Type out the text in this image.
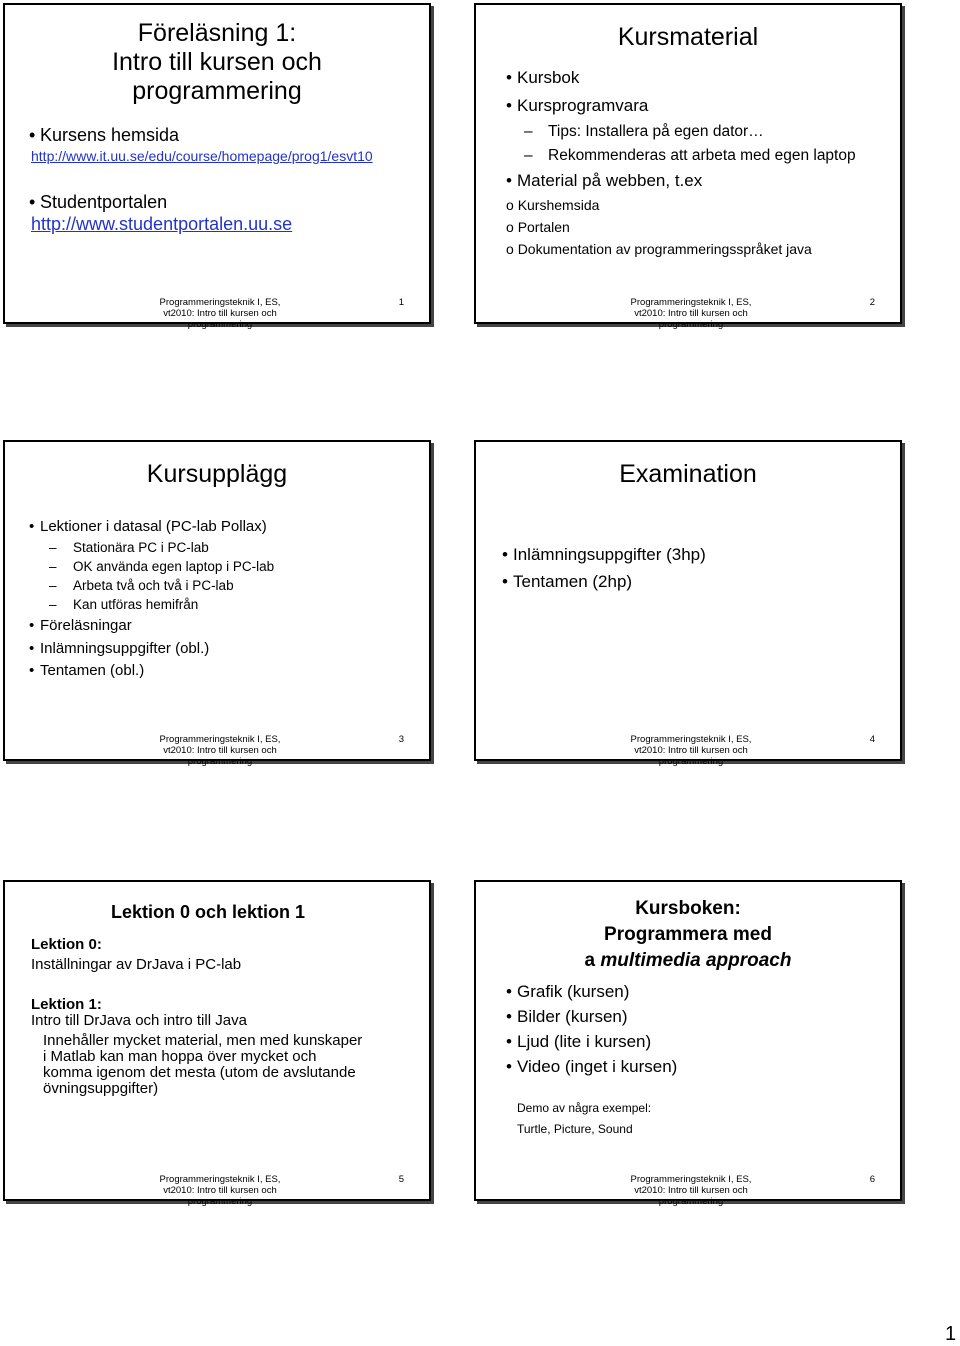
Föreläsning 1:
Intro till kursen och
programmering
• Kursens hemsida
http://www.it.uu.se/edu/course/homepage/prog1/esvt10
• Studentportalen
http://www.studentportalen.uu.se
Programmeringsteknik I, ES,
vt2010: Intro till kursen och
programmering
1
Kursmaterial
• Kursbok
• Kursprogramvara
– Tips: Installera på egen dator…
– Rekommenderas att arbeta med egen laptop
• Material på webben, t.ex
o Kurshemsida
o Portalen
o Dokumentation av programmeringsspråket java
Programmeringsteknik I, ES,
vt2010: Intro till kursen och
programmering
2
Kursupplägg
• Lektioner i datasal (PC-lab Pollax)
– Stationära PC i PC-lab
– OK använda egen laptop i PC-lab
– Arbeta två och två i PC-lab
– Kan utföras hemifrån
• Föreläsningar
• Inlämningsuppgifter (obl.)
• Tentamen (obl.)
Programmeringsteknik I, ES,
vt2010: Intro till kursen och
programmering
3
Examination
• Inlämningsuppgifter (3hp)
• Tentamen (2hp)
Programmeringsteknik I, ES,
vt2010: Intro till kursen och
programmering
4
Lektion 0 och lektion 1
Lektion 0:
Inställningar av DrJava i PC-lab
Lektion 1:
Intro till DrJava och intro till Java
Innehåller mycket material, men med kunskaper
i Matlab kan man hoppa över mycket och
komma igenom det mesta (utom de avslutande
övningsuppgifter)
Programmeringsteknik I, ES,
vt2010: Intro till kursen och
programmering
5
Kursboken:
Programmera med
a multimedia approach
• Grafik (kursen)
• Bilder (kursen)
• Ljud (lite i kursen)
• Video (inget i kursen)
Demo av några exempel:
Turtle, Picture, Sound
Programmeringsteknik I, ES,
vt2010: Intro till kursen och
programmering
6
1
